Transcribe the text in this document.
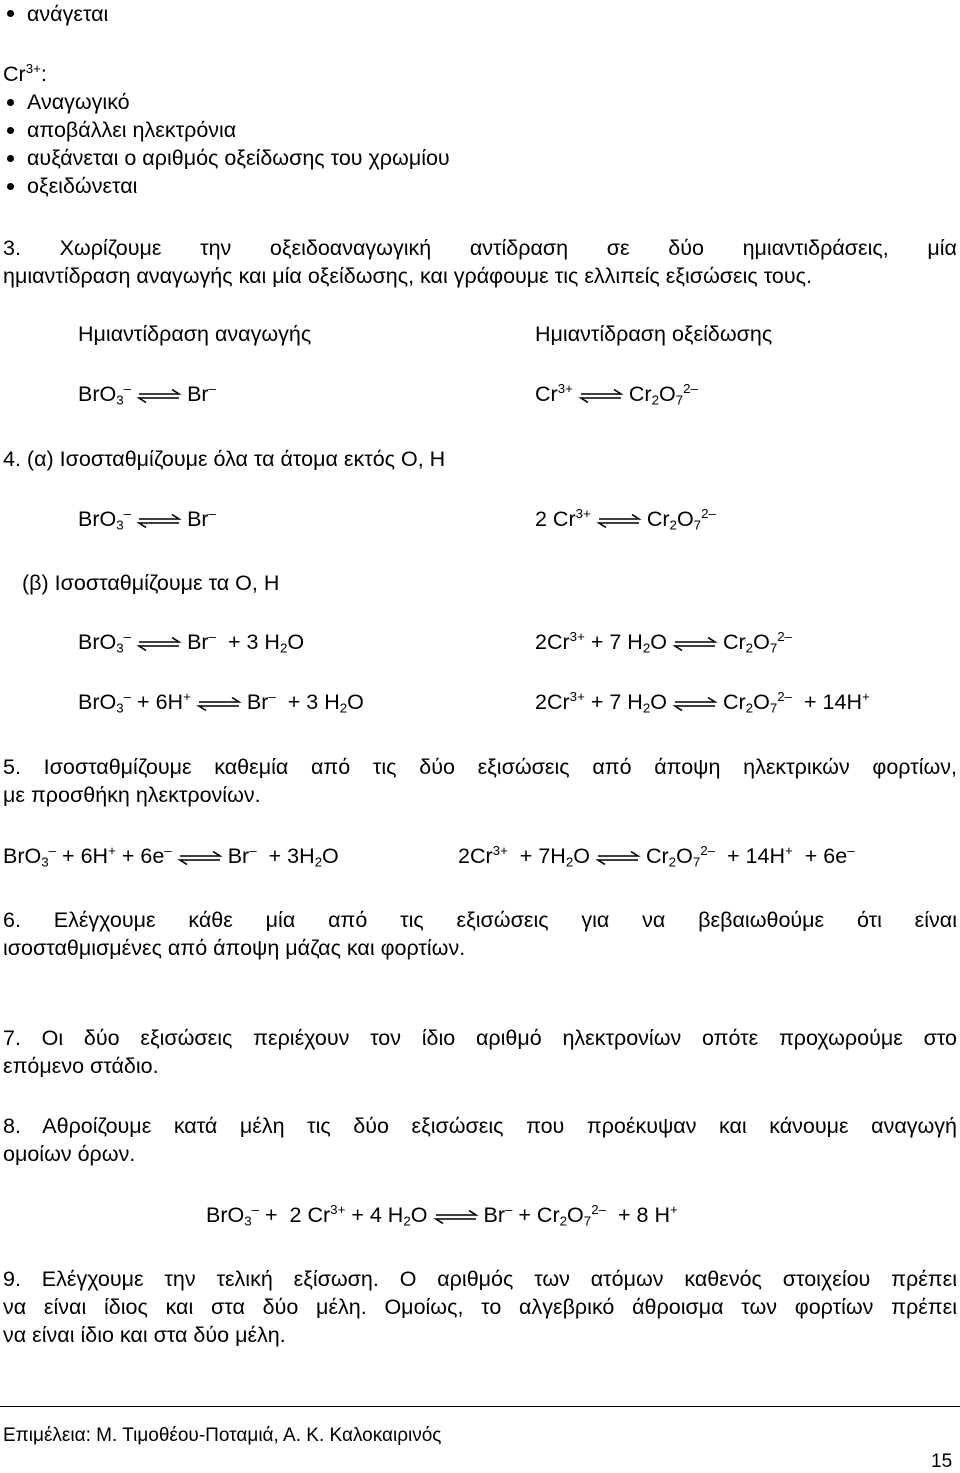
ανάγεται
$Cr^{3+}$:
Αναγωγικό
αποβάλλει ηλεκτρόνια
αυξάνεται ο αριθμός οξείδωσης του χρωμίου
οξειδώνεται
3. Χωρίζουμε την οξειδοαναγωγική αντίδραση σε δύο ημιαντιδράσεις, μία
ημιαντίδραση αναγωγής και μία οξείδωσης, και γράφουμε τις ελλιπείς εξισώσεις τους.
Ημιαντίδραση αναγωγής	Ημιαντίδραση οξείδωσης
BrO$_3$– ⇌ Br–	$Cr^{3+}$ ⇌ $Cr_2O_7^{2-}$
4. (α) Ισοσταθμίζουμε όλα τα άτομα εκτός O, H
BrO$_3$– ⇌ Br–	2 $Cr^{3+}$ ⇌ $Cr_2O_7^{2-}$
(β) Ισοσταθμίζουμε τα O, H
BrO$_3$– ⇌ Br–  + 3 $H_2O$	$2Cr^{3+} + 7$ $H_2O$ ⇌ $Cr_2O_7^{2-}$
BrO$_3$– + 6H+ ⇌ Br–  + 3 $H_2O$	$2Cr^{3+} + 7$ $H_2O$ ⇌ $Cr_2O_7^{2-} + 14H^+$
5. Ισοσταθμίζουμε καθεμία από τις δύο εξισώσεις από άποψη ηλεκτρικών φορτίων,
με προσθήκη ηλεκτρονίων.
BrO$_3$– + 6H+ + 6e– ⇌ $Br^- + 3H_2O$	$2Cr^{3+} + 7H_2O$ ⇌ $Cr_2O_7^{2-} + 14H^+ + 6e^-$
6. Ελέγχουμε κάθε μία από τις εξισώσεις για να βεβαιωθούμε ότι είναι
ισοσταθμισμένες από άποψη μάζας και φορτίων.
7. Οι δύο εξισώσεις περιέχουν τον ίδιο αριθμό ηλεκτρονίων οπότε προχωρούμε στο
επόμενο στάδιο.
8. Αθροίζουμε κατά μέλη τις δύο εξισώσεις που προέκυψαν και κάνουμε αναγωγή
ομοίων όρων.
BrO$_3$– +  2 $Cr^{3+} + 4$ $H_2O$ ⇌ $Br^- + Cr_2O_7^{2-} + 8$ H+
9. Ελέγχουμε την τελική εξίσωση. Ο αριθμός των ατόμων καθενός στοιχείου πρέπει
να είναι ίδιος και στα δύο μέλη. Ομοίως, το αλγεβρικό άθροισμα των φορτίων πρέπει
να είναι ίδιο και στα δύο μέλη.
Επιμέλεια: Μ. Τιμοθέου-Ποταμιά, Α. Κ. Καλοκαιρινός
15
